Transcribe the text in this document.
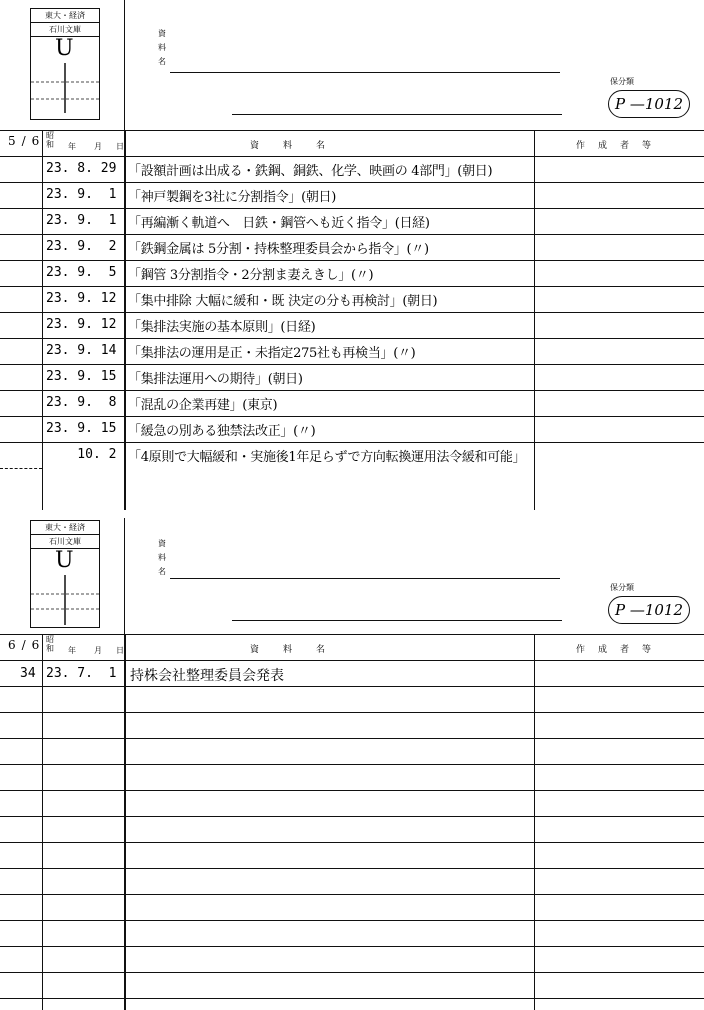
東大・経済
石川文庫
U
資
料
名
保分類
P —1012
5/6 昭和 年 月 日	資　　料　　名	作　成　者　等
23. 8. 29 「設額計画は出成る・鉄鋼、銅鉄、化学、映画の 4部門」(朝日)
23. 9.  1 「神戸製鋼を3社に分割指令」(朝日)
23. 9.  1 「再編漸く軌道へ　日鉄・鋼管へも近く指令」(日経)
23. 9.  2 「鉄鋼金属は 5分割・持株整理委員会から指令」(〃)
23. 9.  5 「鋼管 3分割指令・2分割ま妻えきし」(〃)
23. 9. 12 「集中排除 大幅に緩和・既 決定の分も再検討」(朝日)
23. 9. 12 「集排法実施の基本原則」(日経)
23. 9. 14 「集排法の運用是正・未指定275社も再検当」(〃)
23. 9. 15 「集排法運用への期待」(朝日)
23. 9.  8 「混乱の企業再建」(東京)
23. 9. 15 「緩急の別ある独禁法改正」(〃)
10. 2 「4原則で大幅緩和・実施後1年足らずで方向転換運用法令緩和可能」
東大・経済
石川文庫
U
資
料
名
保分類
P —1012
6/6 昭和 年 月 日	資　　料　　名	作　成　者　等
34 23. 7.  1 持株会社整理委員会発表
